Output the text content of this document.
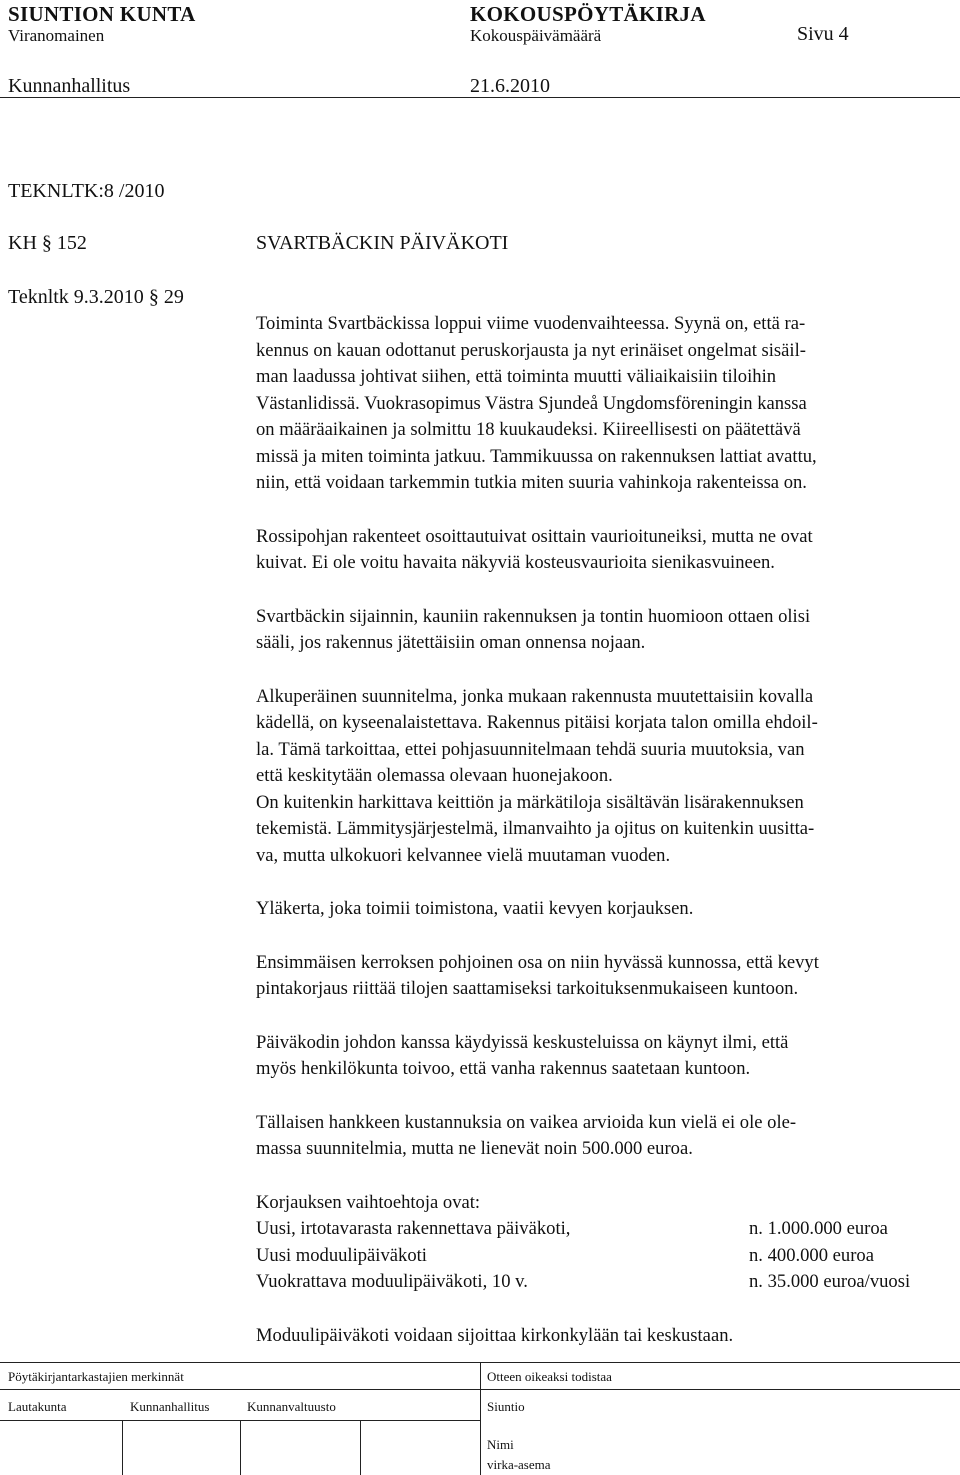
SIUNTION KUNTA	KOKOUSPÖYTÄKIRJA
Viranomainen	Kokouspäivämäärä	Sivu 4
Kunnanhallitus	21.6.2010
TEKNLTK:8 /2010
KH § 152	SVARTBÄCKIN PÄIVÄKOTI
Teknltk 9.3.2010 § 29

Toiminta Svartbäckissa loppui viime vuodenvaihteessa. Syynä on, että ra-

kennus on kauan odottanut peruskorjausta ja nyt erinäiset ongelmat sisäil-

man laadussa johtivat siihen, että toiminta muutti väliaikaisiin tiloihin

Västanlidissä. Vuokrasopimus Västra Sjundeå Ungdomsföreningin kanssa

on määräaikainen ja solmittu 18 kuukaudeksi. Kiireellisesti on päätettävä

missä ja miten toiminta jatkuu. Tammikuussa on rakennuksen lattiat avattu,

niin, että voidaan tarkemmin tutkia miten suuria vahinkoja rakenteissa on.

Rossipohjan rakenteet osoittautuivat osittain vaurioituneiksi, mutta ne ovat

kuivat. Ei ole voitu havaita näkyviä kosteusvaurioita sienikasvuineen.

Svartbäckin sijainnin, kauniin rakennuksen ja tontin huomioon ottaen olisi

sääli, jos rakennus jätettäisiin oman onnensa nojaan.

Alkuperäinen suunnitelma, jonka mukaan rakennusta muutettaisiin kovalla

kädellä, on kyseenalaistettava. Rakennus pitäisi korjata talon omilla ehdoil-

la. Tämä tarkoittaa, ettei pohjasuunnitelmaan tehdä suuria muutoksia, van

että keskitytään olemassa olevaan huonejakoon.

On kuitenkin harkittava keittiön ja märkätiloja sisältävän lisärakennuksen

tekemistä. Lämmitysjärjestelmä, ilmanvaihto ja ojitus on kuitenkin uusitta-

va, mutta ulkokuori kelvannee vielä muutaman vuoden.

Yläkerta, joka toimii toimistona, vaatii kevyen korjauksen.

Ensimmäisen kerroksen pohjoinen osa on niin hyvässä kunnossa, että kevyt

pintakorjaus riittää tilojen saattamiseksi tarkoituksenmukaiseen kuntoon.

Päiväkodin johdon kanssa käydyissä keskusteluissa on käynyt ilmi, että

myös henkilökunta toivoo, että vanha rakennus saatetaan kuntoon.

Tällaisen hankkeen kustannuksia on vaikea arvioida kun vielä ei ole ole-

massa suunnitelmia, mutta ne lienevät noin 500.000 euroa.

Korjauksen vaihtoehtoja ovat:

Uusi, irtotavarasta rakennettava päiväkoti,	n. 1.000.000 euroa
Uusi moduulipäiväkoti	n. 400.000 euroa
Vuokrattava moduulipäiväkoti, 10 v.	n. 35.000 euroa/vuosi

Moduulipäiväkoti voidaan sijoittaa kirkonkylään tai keskustaan.

Pöytäkirjantarkastajien merkinnät	Otteen oikeaksi todistaa
Lautakunta	Kunnanhallitus	Kunnanvaltuusto	Siuntio
Nimi
virka-asema
